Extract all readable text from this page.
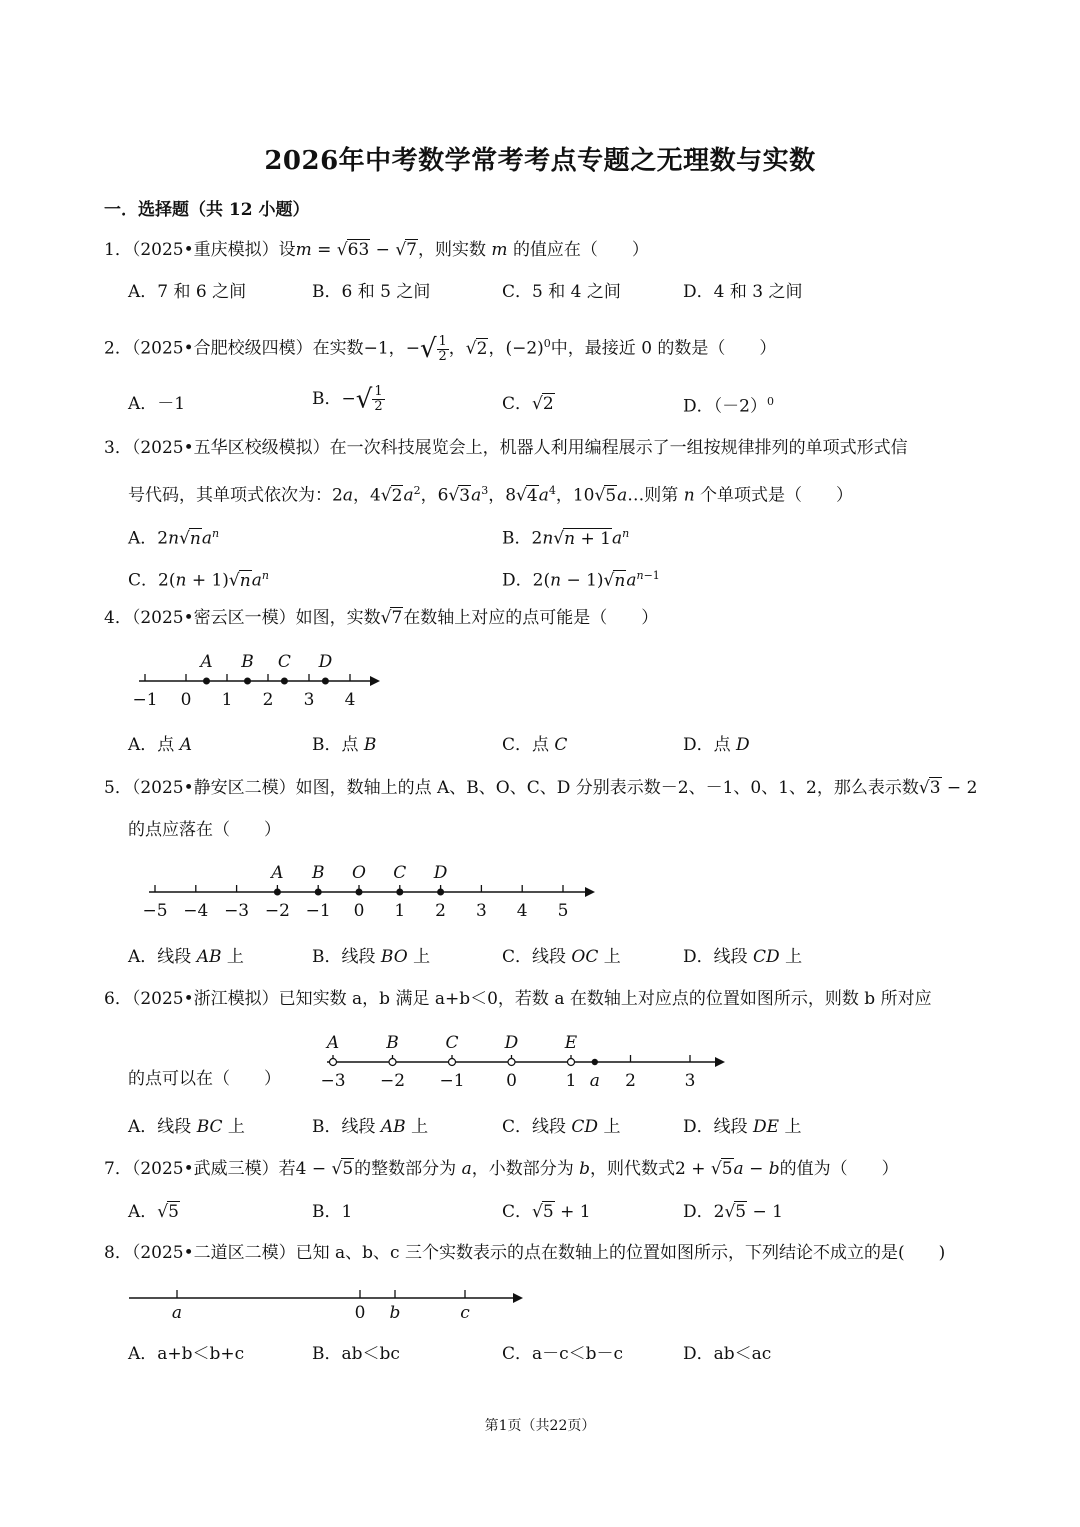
2026年中考数学常考考点专题之无理数与实数
一．选择题（共 12 小题）
1．（2025•重庆模拟）设m = √63 − √7，则实数 m 的值应在（　　）
A．7 和 6 之间	B．6 和 5 之间	C．5 和 4 之间	D．4 和 3 之间
2．（2025•合肥校级四模）在实数−1，−√ $\frac{1}{2}$ ，√2，$(-2)^0$中，最接近 0 的数是（　　）
A．－1	B．−√ $\frac{1}{2}$	C．√2	D．$(-2)^0$
3．（2025•五华区校级模拟）在一次科技展览会上，机器人利用编程展示了一组按规律排列的单项式形式信
号代码，其单项式依次为：2a，$4√2a^2$，$6√3a^3$，$8√4a^4$，10√5a…则第 n 个单项式是（　　）
A．$2n√na^n$	B．$2n√n + 1a^n$
C．$2(n + 1)√na^n$	D．$2(n - 1)√na^{n-1}$
4．（2025•密云区一模）如图，实数√7在数轴上对应的点可能是（　　）
−1 0 1 2 3 4
A B C D
A．点 A	B．点 B	C．点 C	D．点 D
5．（2025•静安区二模）如图，数轴上的点 A、B、O、C、D 分别表示数－2、－1、0、1、2，那么表示数√3 − 2
的点应落在（　　）
−5 −4 −3 −2 −1 0 1 2 3 4 5
A B O C D
A．线段 AB 上	B．线段 BO 上	C．线段 OC 上	D．线段 CD 上
6．（2025•浙江模拟）已知实数 a，b 满足 a+b＜0，若数 a 在数轴上对应点的位置如图所示，则数 b 所对应
的点可以在（　　） −3 −2 −1 0	1	2	3
A	B	C	D	E
a
A．线段 BC 上	B．线段 AB 上	C．线段 CD 上	D．线段 DE 上
7．（2025•武威三模）若4 − √5的整数部分为 a，小数部分为 b，则代数式2 + √5a − b的值为（　　）
A．√5	B．1	C．√5 + 1	D．2√5 − 1
8．（2025•二道区二模）已知 a、b、c 三个实数表示的点在数轴上的位置如图所示，下列结论不成立的是(　　)
a	0 b	c
A．a+b＜b+c	B．ab＜bc	C．a－c＜b－c	D．ab＜ac
第1页（共22页）
